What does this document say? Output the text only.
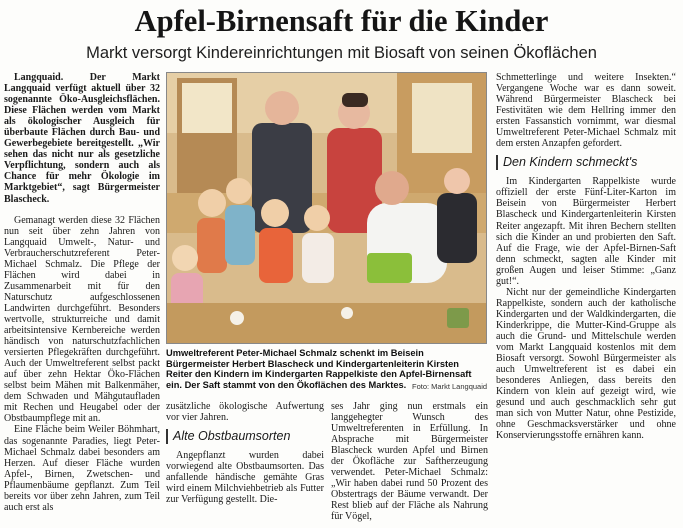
Apfel-Birnensaft für die Kinder
Markt versorgt Kindereinrichtungen mit Biosaft von seinen Ökoflächen

Langquaid. Der Markt Langquaid verfügt aktuell über 32 sogenannte Öko-Ausgleichsflächen. Diese Flächen werden vom Markt als ökologischer Ausgleich für überbaute Flächen durch Bau- und Gewerbegebiete bereitgestellt. „Wir sehen das nicht nur als gesetzliche Verpflichtung, sondern auch als Chance für mehr Ökologie im Marktgebiet“, sagt Bürgermeister Blascheck.

Gemanagt werden diese 32 Flächen nun seit über zehn Jahren von Langquaid Umwelt-, Natur- und Verbraucherschutzreferent Peter-Michael Schmalz. Die Pflege der Flächen wird dabei in Zusammenarbeit mit für den Naturschutz aufgeschlossenen Landwirten durchgeführt. Besonders wertvolle, strukturreiche und damit arbeitsintensive Kernbereiche werden händisch von naturschutzfachlichen versierten Pflegekräften durchgeführt. Auch der Umweltreferent selbst packt auf über zehn Hektar Öko-Flächen selbst beim Mähen mit Balkenmäher, dem Schwaden und Mähgutaufladen mit Rechen und Heugabel oder der Obstbaumpflege mit an.

Eine Fläche beim Weiler Böhmhart, das sogenannte Paradies, liegt Peter-Michael Schmalz dabei besonders am Herzen. Auf dieser Fläche wurden Apfel-, Birnen, Zwetschen- und Pflaumenbäume gepflanzt. Zum Teil bereits vor über zehn Jahren, zum Teil auch erst als

Umweltreferent Peter-Michael Schmalz schenkt im Beisein Bürgermeister Herbert Blascheck und Kindergartenleiterin Kirsten Reiter den Kindern im Kindergarten Rappelkiste den Apfel-Birnensaft ein. Der Saft stammt von den Ökoflächen des Marktes. Foto: Markt Langquaid

zusätzliche ökologische Aufwertung vor vier Jahren.

Alte Obstbaumsorten

Angepflanzt wurden dabei vorwiegend alte Obstbaumsorten. Das anfallende händische gemähte Gras wird einem Milchviehbetrieb als Futter zur Verfügung gestellt. Die-

ses Jahr ging nun erstmals ein langgehegter Wunsch des Umweltreferenten in Erfüllung. In Absprache mit Bürgermeister Blascheck wurden Apfel und Birnen der Ökofläche zur Saftherzeugung verwendet. Peter-Michael Schmalz: „Wir haben dabei rund 50 Prozent des Obstertrags der Bäume verwandt. Der Rest blieb auf der Fläche als Nahrung für Vögel,

Schmetterlinge und weitere Insekten.“ Vergangene Woche war es dann soweit. Während Bürgermeister Blascheck bei Festivitäten wie dem Hellring immer den ersten Fassanstich vornimmt, war diesmal Umweltreferent Peter-Michael Schmalz mit dem ersten Anzapfen gefordert.

Den Kindern schmeckt's

Im Kindergarten Rappelkiste wurde offiziell der erste Fünf-Liter-Karton im Beisein von Bürgermeister Herbert Blascheck und Kindergartenleiterin Kirsten Reiter angezapft. Mit ihren Bechern stellten sich die Kinder an und probierten den Saft. Auf die Frage, wie der Apfel-Birnen-Saft denn schmeckt, sagten alle Kinder mit großen Augen und leiser Stimme: „Ganz gut!“.

Nicht nur der gemeindliche Kindergarten Rappelkiste, sondern auch der katholische Kindergarten und der Waldkindergarten, die Kinderkrippe, die Mutter-Kind-Gruppe als auch die Grund- und Mittelschule werden vom Markt Langquaid kostenlos mit dem Biosaft versorgt. Sowohl Bürgermeister als auch Umweltreferent ist es dabei ein besonderes Anliegen, dass bereits den Kindern von klein auf gezeigt wird, wie gesund und auch geschmacklich sehr gut man sich von Mutter Natur, ohne Pestizide, ohne Geschmacksverstärker und ohne Konservierungsstoffe ernähren kann.
